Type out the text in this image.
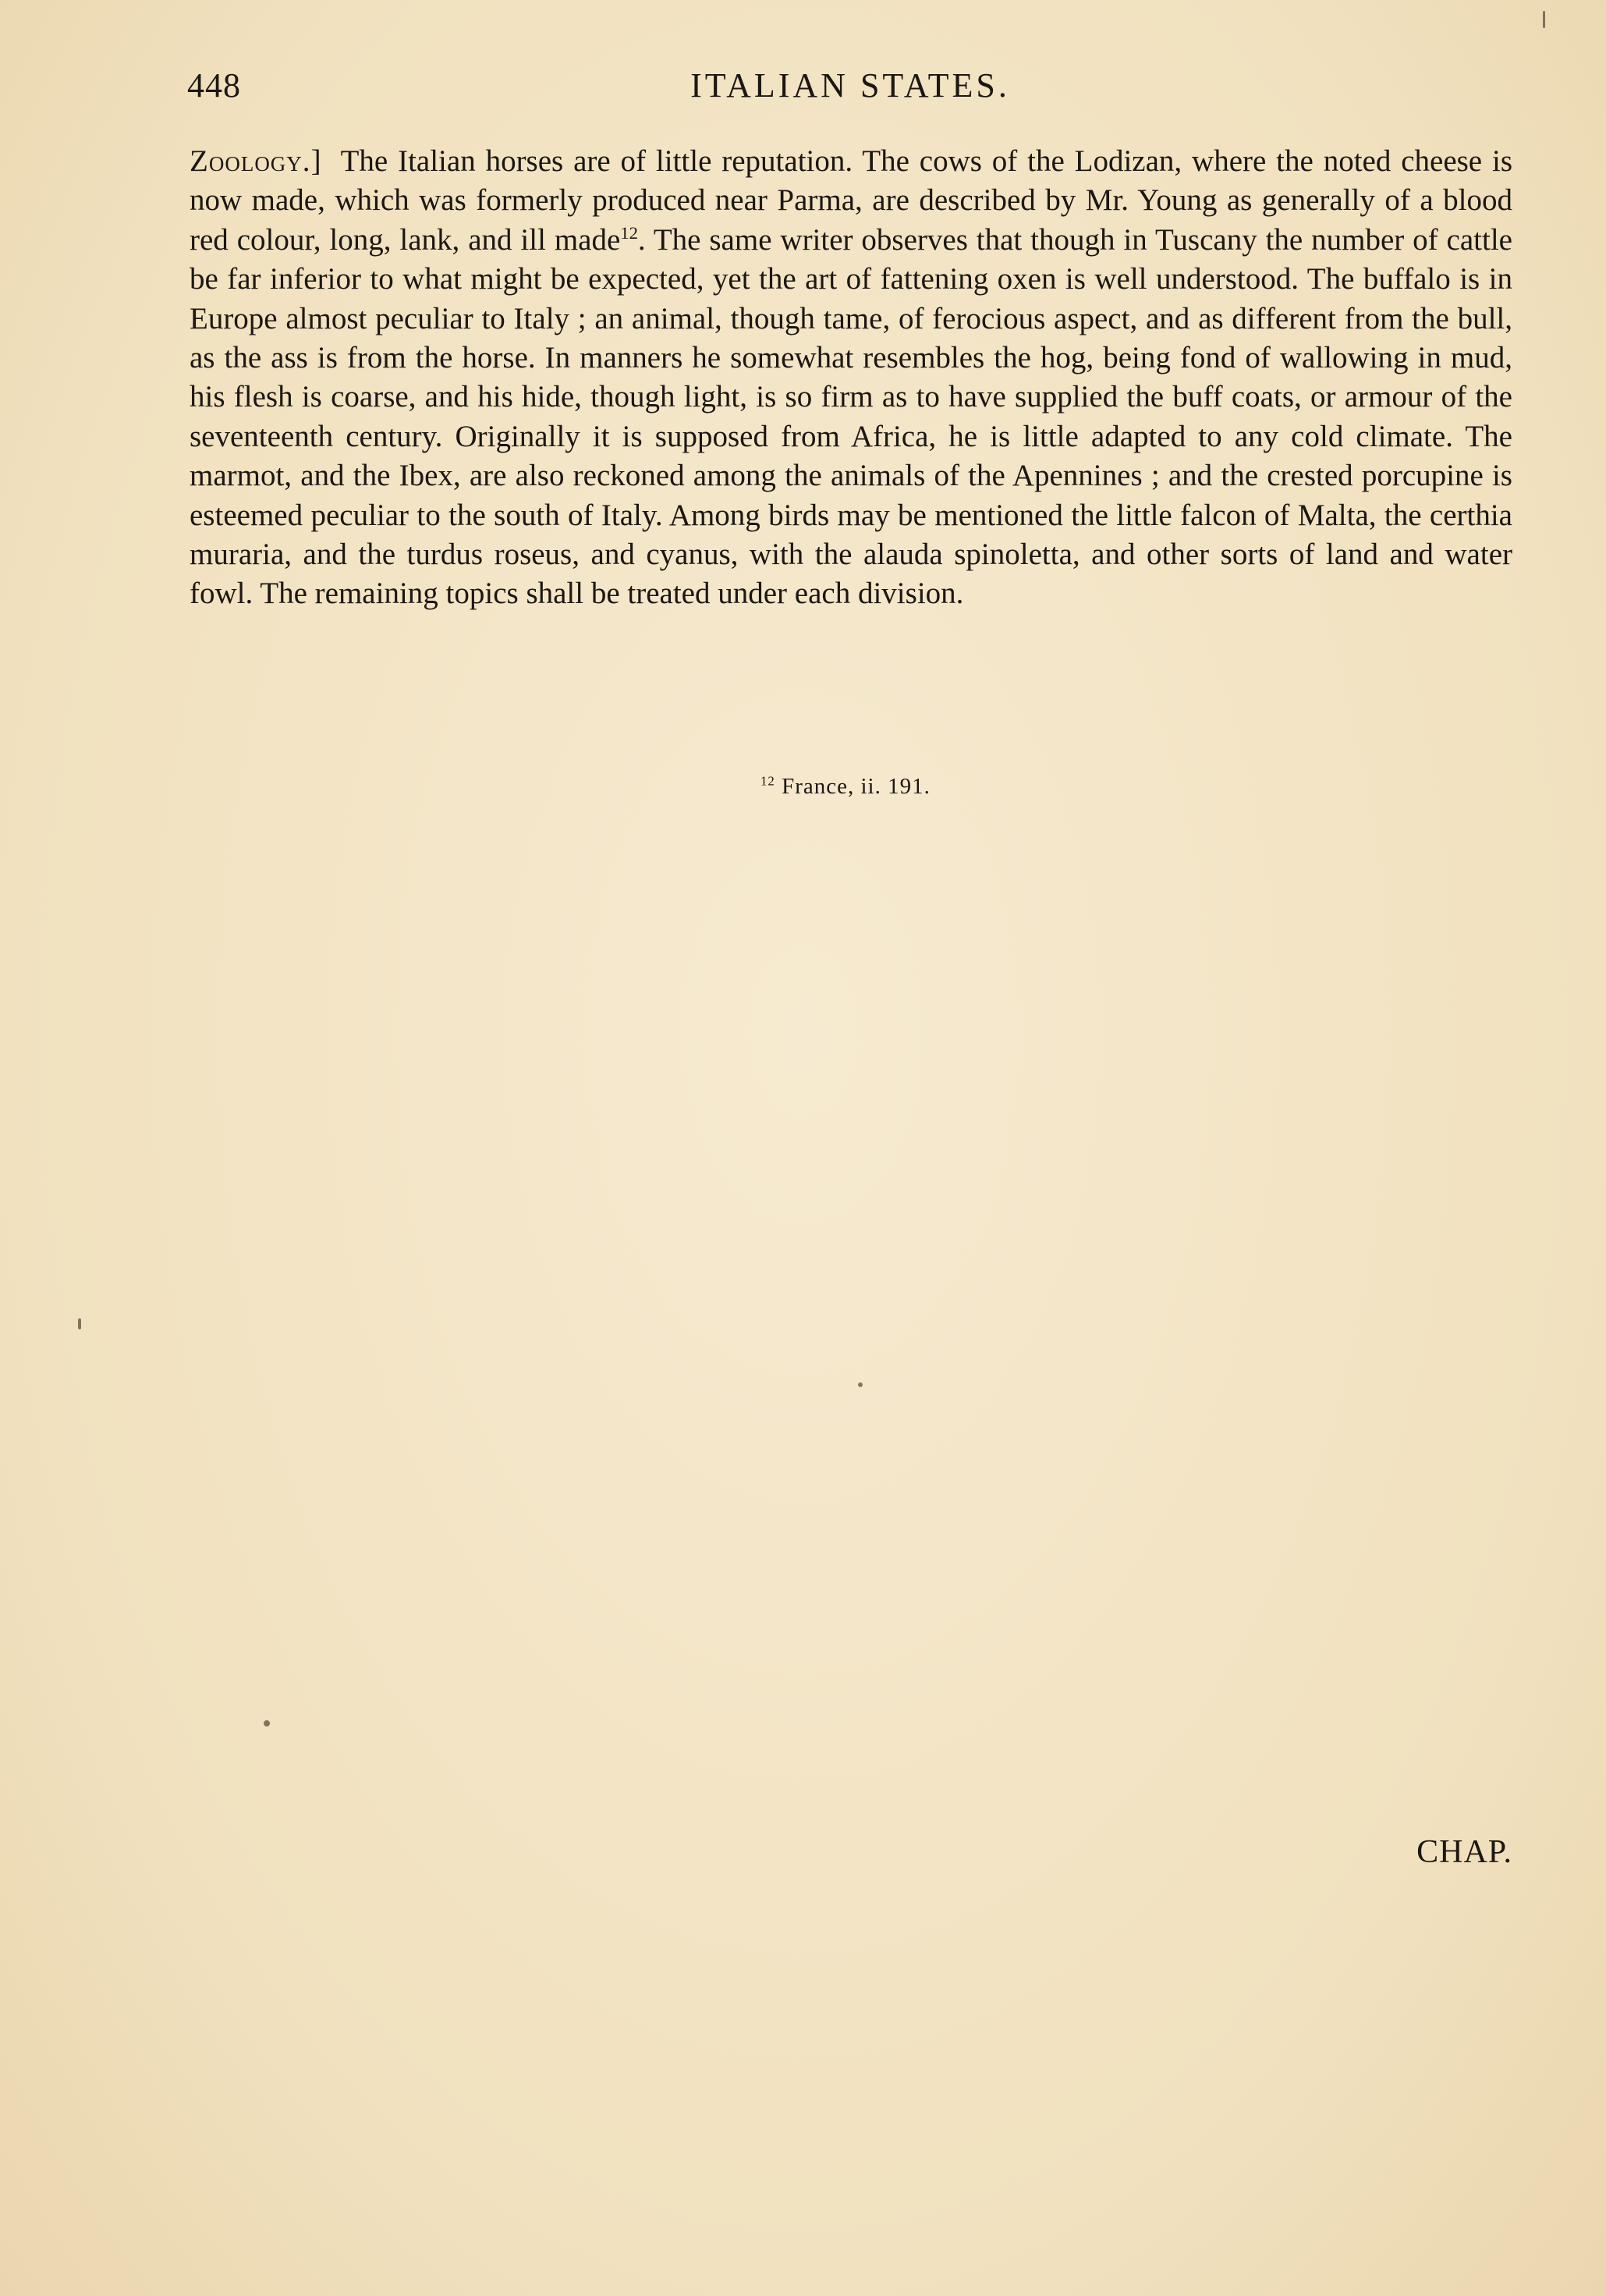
448	ITALIAN STATES.
Zoology.] The Italian horses are of little reputation. The cows of the Lodizan, where the noted cheese is now made, which was formerly produced near Parma, are described by Mr. Young as generally of a blood red colour, long, lank, and ill made$^{12}$. The same writer observes that though in Tuscany the number of cattle be far inferior to what might be expected, yet the art of fattening oxen is well understood. The buffalo is in Europe almost peculiar to Italy ; an animal, though tame, of ferocious aspect, and as different from the bull, as the ass is from the horse. In manners he somewhat resembles the hog, being fond of wallowing in mud, his flesh is coarse, and his hide, though light, is so firm as to have supplied the buff coats, or armour of the seventeenth century. Originally it is supposed from Africa, he is little adapted to any cold climate. The marmot, and the Ibex, are also reckoned among the animals of the Apennines ; and the crested porcupine is esteemed peculiar to the south of Italy. Among birds may be mentioned the little falcon of Malta, the certhia muraria, and the turdus roseus, and cyanus, with the alauda spinoletta, and other sorts of land and water fowl. The remaining topics shall be treated under each division.
$^{12}$ France, ii. 191.
CHAP.
